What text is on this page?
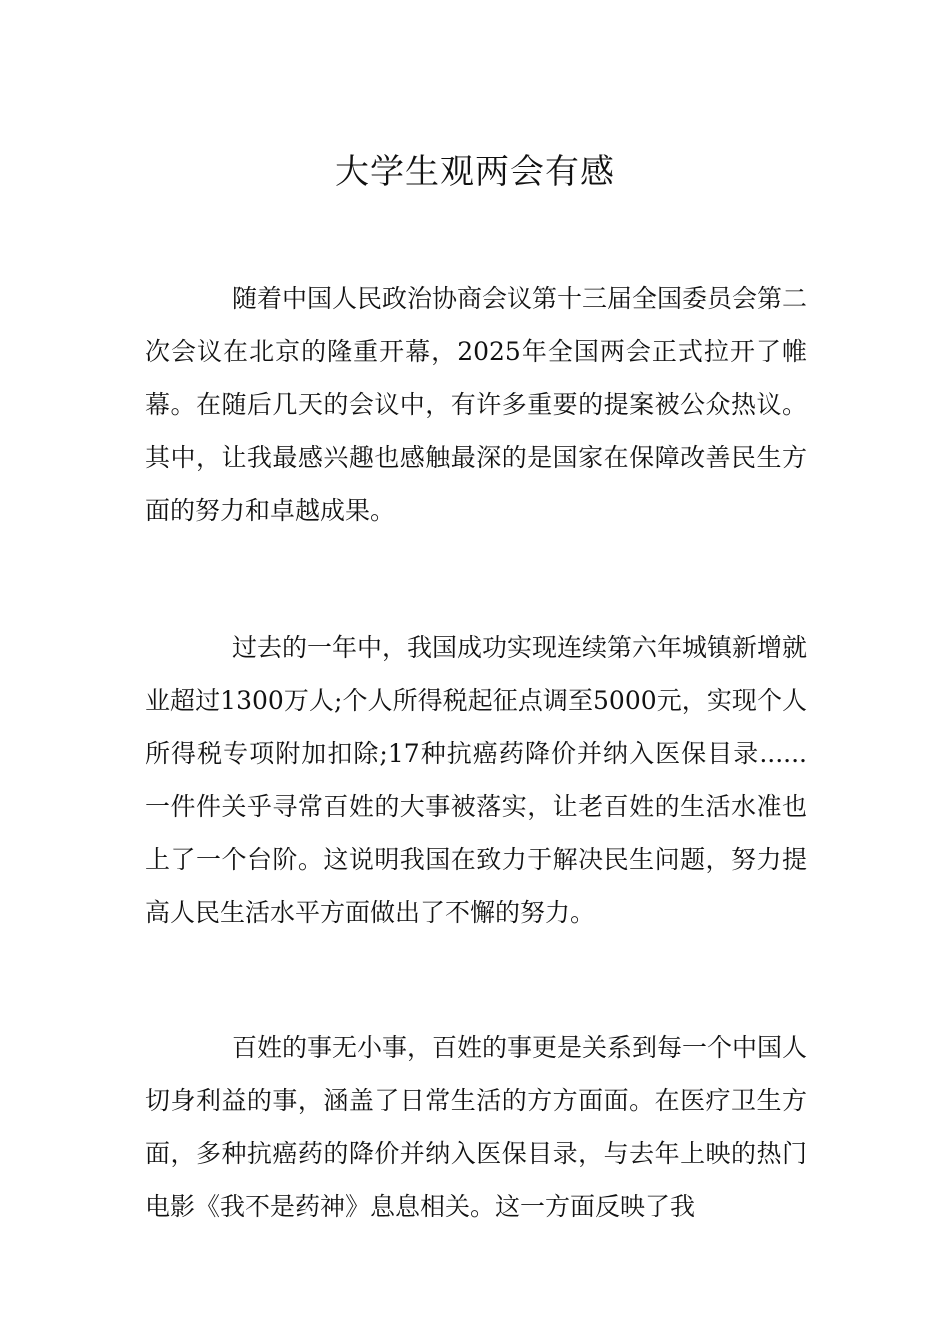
大学生观两会有感

随着中国人民政治协商会议第十三届全国委员会第二次会议在北京的隆重开幕，2025年全国两会正式拉开了帷幕。在随后几天的会议中，有许多重要的提案被公众热议。其中，让我最感兴趣也感触最深的是国家在保障改善民生方面的努力和卓越成果。

过去的一年中，我国成功实现连续第六年城镇新增就业超过1300万人;个人所得税起征点调至5000元，实现个人所得税专项附加扣除;17种抗癌药降价并纳入医保目录......一件件关乎寻常百姓的大事被落实，让老百姓的生活水准也上了一个台阶。这说明我国在致力于解决民生问题，努力提高人民生活水平方面做出了不懈的努力。

百姓的事无小事，百姓的事更是关系到每一个中国人切身利益的事，涵盖了日常生活的方方面面。在医疗卫生方面，多种抗癌药的降价并纳入医保目录，与去年上映的热门电影《我不是药神》息息相关。这一方面反映了我
